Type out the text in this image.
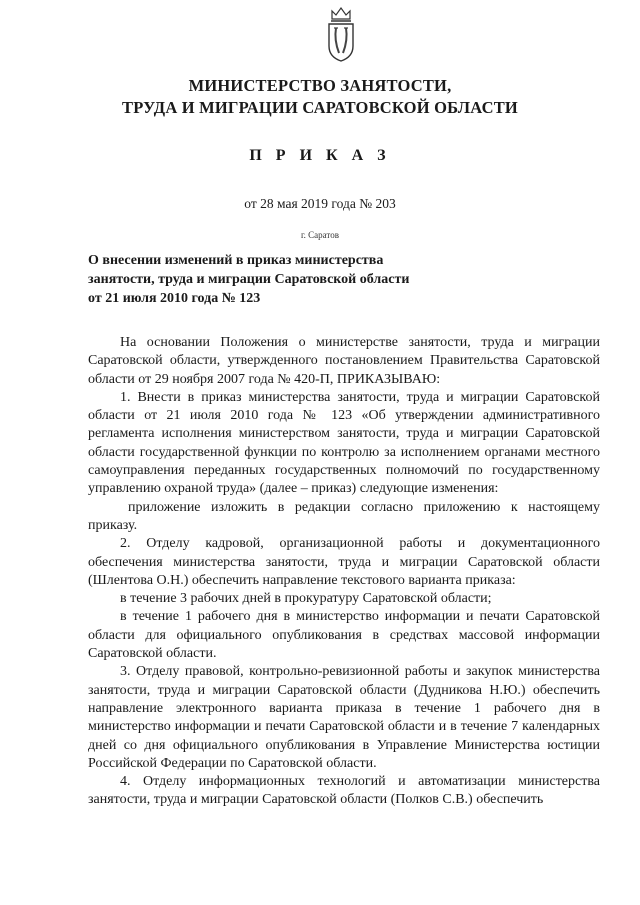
МИНИСТЕРСТВО ЗАНЯТОСТИ,
ТРУДА И МИГРАЦИИ САРАТОВСКОЙ ОБЛАСТИ
П Р И К А З
от 28 мая 2019 года № 203
г. Саратов
О внесении изменений в приказ министерства
занятости, труда и миграции Саратовской области
от 21 июля 2010 года № 123

На основании Положения о министерстве занятости, труда и миграции Саратовской области, утвержденного постановлением Правительства Саратовской области от 29 ноября 2007 года № 420-П, ПРИКАЗЫВАЮ:

1. Внести в приказ министерства занятости, труда и миграции Саратовской области от 21 июля 2010 года № 123 «Об утверждении административного регламента исполнения министерством занятости, труда и миграции Саратовской области государственной функции по контролю за исполнением органами местного самоуправления переданных государственных полномочий по государственному управлению охраной труда» (далее – приказ) следующие изменения:

приложение изложить в редакции согласно приложению к настоящему приказу.

2. Отделу кадровой, организационной работы и документационного обеспечения министерства занятости, труда и миграции Саратовской области (Шлентова О.Н.) обеспечить направление текстового варианта приказа:

в течение 3 рабочих дней в прокуратуру Саратовской области;

в течение 1 рабочего дня в министерство информации и печати Саратовской области для официального опубликования в средствах массовой информации Саратовской области.

3. Отделу правовой, контрольно-ревизионной работы и закупок министерства занятости, труда и миграции Саратовской области (Дудникова Н.Ю.) обеспечить направление электронного варианта приказа в течение 1 рабочего дня в министерство информации и печати Саратовской области и в течение 7 календарных дней со дня официального опубликования в Управление Министерства юстиции Российской Федерации по Саратовской области.

4. Отделу информационных технологий и автоматизации министерства занятости, труда и миграции Саратовской области (Полков С.В.) обеспечить
